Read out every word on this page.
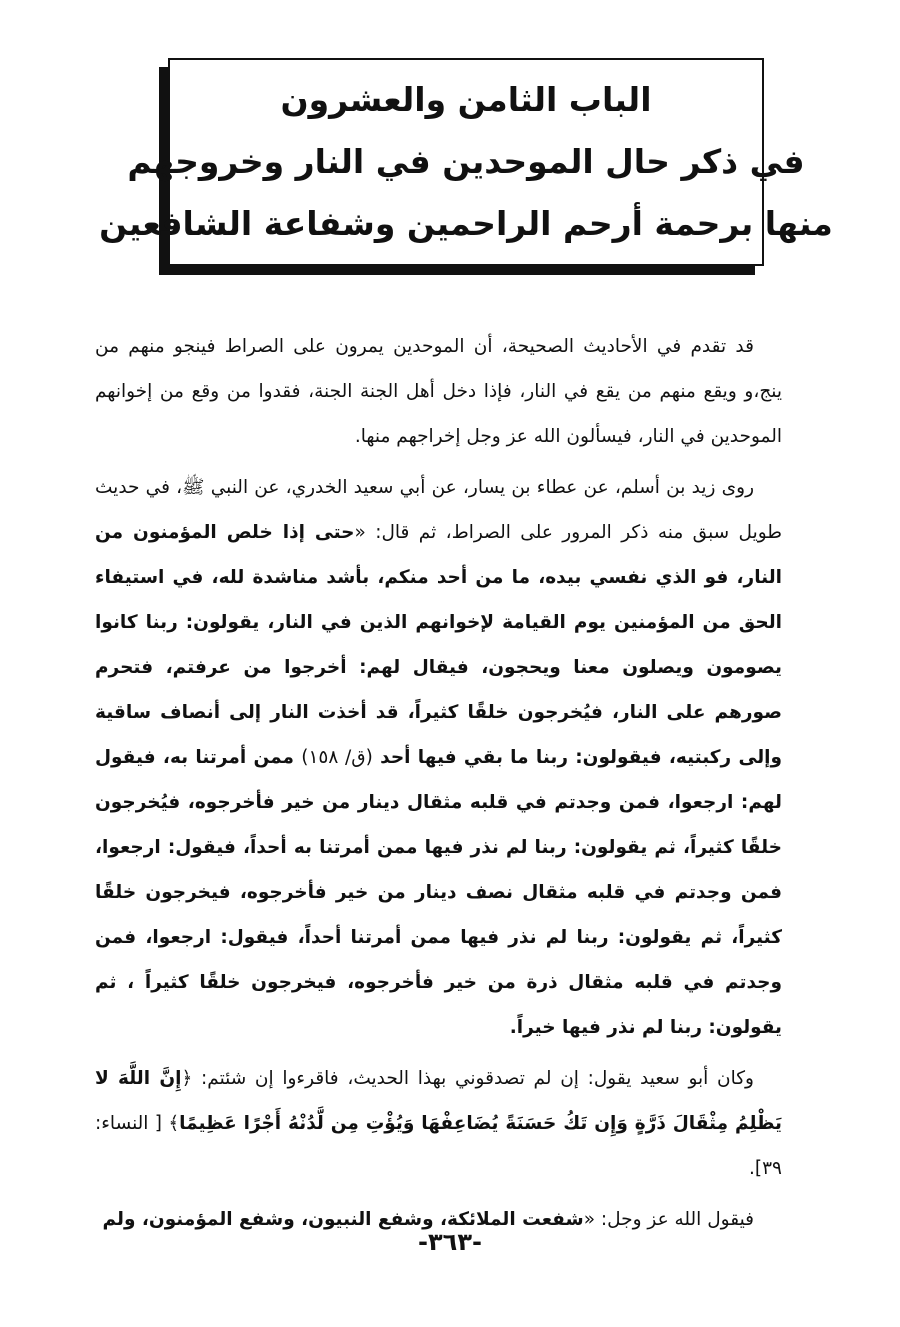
الباب الثامن والعشرون
في ذكر حال الموحدين في النار وخروجهم
منها برحمة أرحم الراحمين وشفاعة الشافعين

قد تقدم في الأحاديث الصحيحة، أن الموحدين يمرون على الصراط فينجو منهم من ينج،و ويقع منهم من يقع في النار، فإذا دخل أهل الجنة الجنة، فقدوا من وقع من إخوانهم الموحدين في النار، فيسألون الله عز وجل إخراجهم منها.

روى زيد بن أسلم، عن عطاء بن يسار، عن أبي سعيد الخدري، عن النبي ﷺ، في حديث طويل سبق منه ذكر المرور على الصراط، ثم قال: «حتى إذا خلص المؤمنون من النار، فو الذي نفسي بيده، ما من أحد منكم، بأشد مناشدة لله، في استيفاء الحق من المؤمنين يوم القيامة لإخوانهم الذين في النار، يقولون: ربنا كانوا يصومون ويصلون معنا ويحجون، فيقال لهم: أخرجوا من عرفتم، فتحرم صورهم على النار، فيُخرجون خلقًا كثيراً، قد أخذت النار إلى أنصاف ساقية وإلى ركبتيه، فيقولون: ربنا ما بقي فيها أحد (ق/ ١٥٨) ممن أمرتنا به، فيقول لهم: ارجعوا، فمن وجدتم في قلبه مثقال دينار من خير فأخرجوه، فيُخرجون خلقًا كثيراً، ثم يقولون: ربنا لم نذر فيها ممن أمرتنا به أحداً، فيقول: ارجعوا، فمن وجدتم في قلبه مثقال نصف دينار من خير فأخرجوه، فيخرجون خلقًا كثيراً، ثم يقولون: ربنا لم نذر فيها ممن أمرتنا أحداً، فيقول: ارجعوا، فمن وجدتم في قلبه مثقال ذرة من خير فأخرجوه، فيخرجون خلقًا كثيراً ، ثم يقولون: ربنا لم نذر فيها خيراً.

وكان أبو سعيد يقول: إن لم تصدقوني بهذا الحديث، فاقرءوا إن شئتم: ﴿إِنَّ اللَّهَ لا يَظْلِمُ مِثْقَالَ ذَرَّةٍ وَإِن تَكُ حَسَنَةً يُضَاعِفْهَا وَيُؤْتِ مِن لَّدُنْهُ أَجْرًا عَظِيمًا﴾ [ النساء: ٣٩].

فيقول الله عز وجل: «شفعت الملائكة، وشفع النبيون، وشفع المؤمنون، ولم

-٣٦٣-
